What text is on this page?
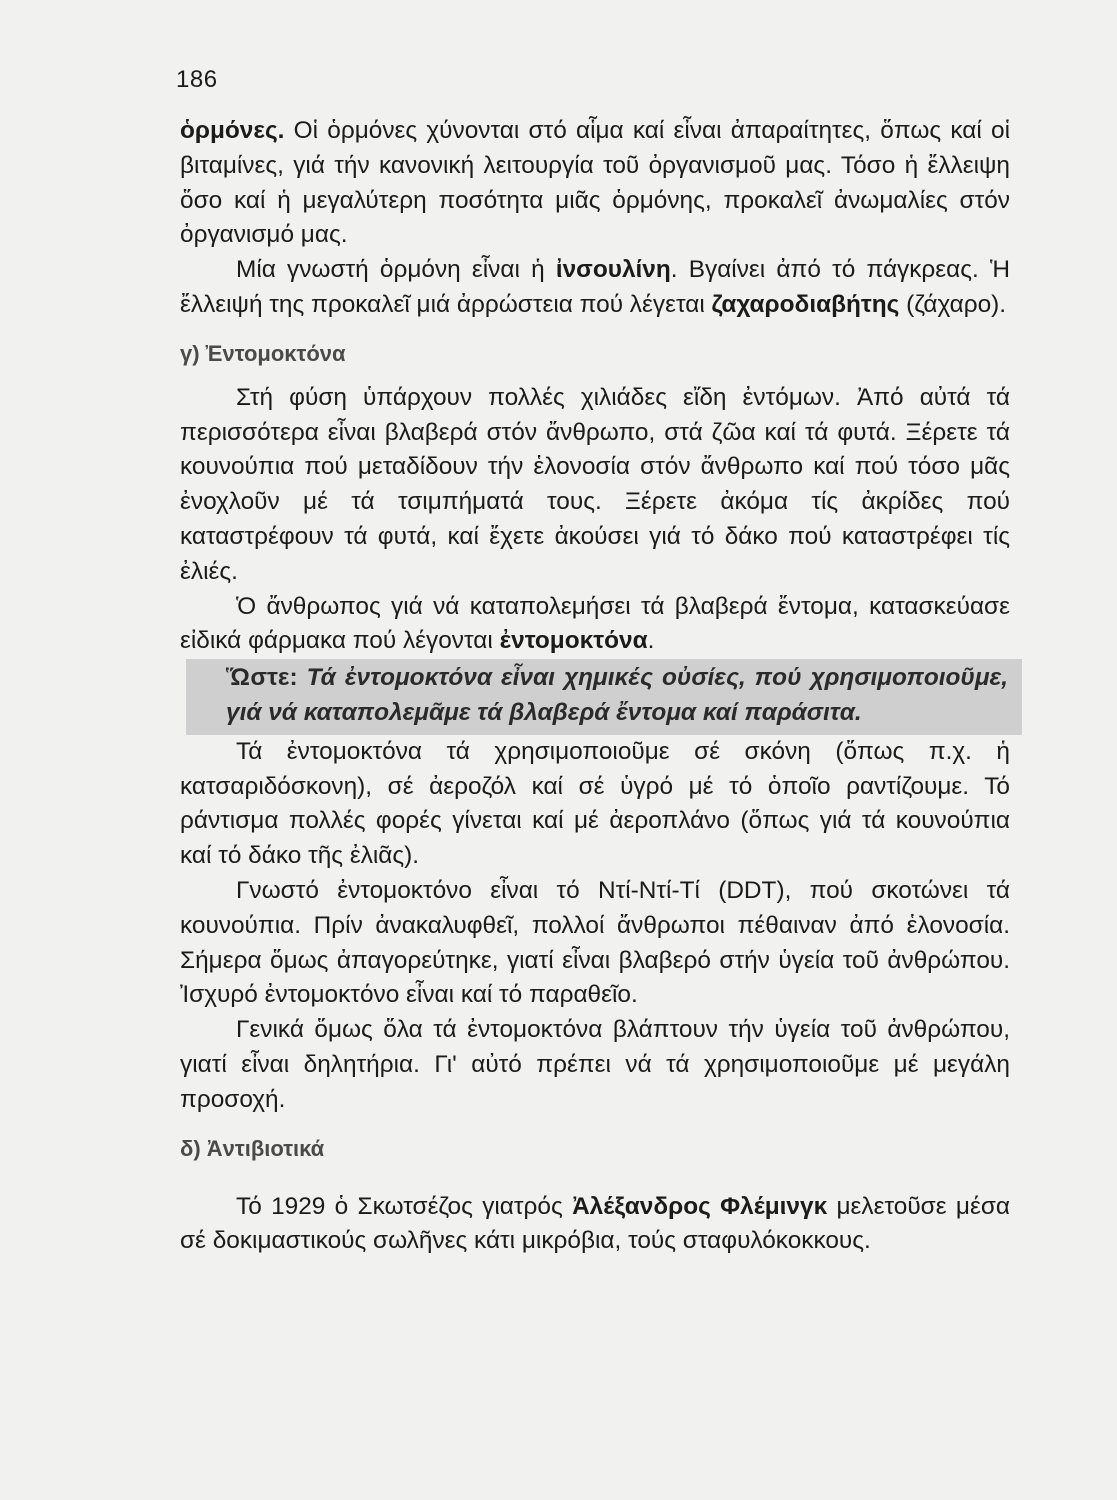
186

ὁρμόνες. Οἱ ὁρμόνες χύνονται στό αἷμα καί εἶναι ἀπαραίτητες, ὅπως καί οἱ βιταμίνες, γιά τήν κανονική λειτουργία τοῦ ὀργανισμοῦ μας. Τόσο ἡ ἔλλειψη ὅσο καί ἡ μεγαλύτερη ποσότητα μιᾶς ὁρμόνης, προκαλεῖ ἀνωμαλίες στόν ὀργανισμό μας.

Μία γνωστή ὁρμόνη εἶναι ἡ ἰνσουλίνη. Βγαίνει ἀπό τό πάγκρεας. Ἡ ἔλλειψή της προκαλεῖ μιά ἀρρώστεια πού λέγεται ζαχαροδιαβήτης (ζάχαρο).

γ) Ἐντομοκτόνα

Στή φύση ὑπάρχουν πολλές χιλιάδες εἴδη ἐντόμων. Ἀπό αὐτά τά περισσότερα εἶναι βλαβερά στόν ἄνθρωπο, στά ζῶα καί τά φυτά. Ξέρετε τά κουνούπια πού μεταδίδουν τήν ἑλονοσία στόν ἄνθρωπο καί πού τόσο μᾶς ἐνοχλοῦν μέ τά τσιμπήματά τους. Ξέρετε ἀκόμα τίς ἀκρίδες πού καταστρέφουν τά φυτά, καί ἔχετε ἀκούσει γιά τό δάκο πού καταστρέφει τίς ἐλιές.

Ὁ ἄνθρωπος γιά νά καταπολεμήσει τά βλαβερά ἔντομα, κατασκεύασε εἰδικά φάρμακα πού λέγονται ἐντομοκτόνα.

Ὥστε: Τά ἐντομοκτόνα εἶναι χημικές οὐσίες, πού χρησιμοποιοῦμε, γιά νά καταπολεμᾶμε τά βλαβερά ἔντομα καί παράσιτα.

Τά ἐντομοκτόνα τά χρησιμοποιοῦμε σέ σκόνη (ὅπως π.χ. ἡ κατσαριδόσκονη), σέ ἀεροζόλ καί σέ ὑγρό μέ τό ὁποῖο ραντίζουμε. Τό ράντισμα πολλές φορές γίνεται καί μέ ἀεροπλάνο (ὅπως γιά τά κουνούπια καί τό δάκο τῆς ἐλιᾶς).

Γνωστό ἐντομοκτόνο εἶναι τό Ντί-Ντί-Τί (DDT), πού σκοτώνει τά κουνούπια. Πρίν ἀνακαλυφθεῖ, πολλοί ἄνθρωποι πέθαιναν ἀπό ἑλονοσία. Σήμερα ὅμως ἀπαγορεύτηκε, γιατί εἶναι βλαβερό στήν ὑγεία τοῦ ἀνθρώπου. Ἰσχυρό ἐντομοκτόνο εἶναι καί τό παραθεῖο.

Γενικά ὅμως ὅλα τά ἐντομοκτόνα βλάπτουν τήν ὑγεία τοῦ ἀνθρώπου, γιατί εἶναι δηλητήρια. Γι' αὐτό πρέπει νά τά χρησιμοποιοῦμε μέ μεγάλη προσοχή.

δ) Ἀντιβιοτικά

Τό 1929 ὁ Σκωτσέζος γιατρός Ἀλέξανδρος Φλέμινγκ μελετοῦσε μέσα σέ δοκιμαστικούς σωλῆνες κάτι μικρόβια, τούς σταφυλόκοκκους.
